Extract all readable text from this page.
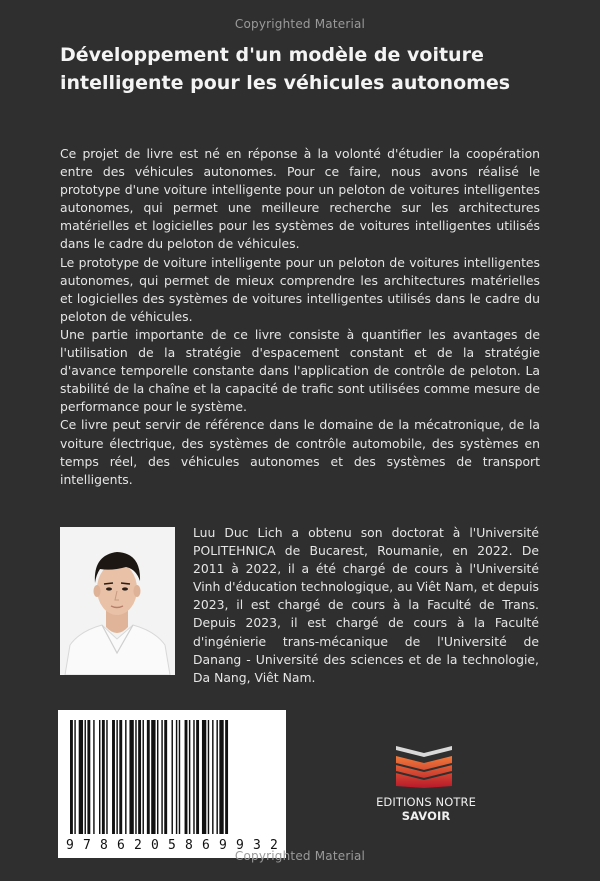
Copyrighted Material
Développement d'un modèle de voiture intelligente pour les véhicules autonomes

Ce projet de livre est né en réponse à la volonté d'étudier la coopération entre des véhicules autonomes. Pour ce faire, nous avons réalisé le prototype d'une voiture intelligente pour un peloton de voitures intelligentes autonomes, qui permet une meilleure recherche sur les architectures matérielles et logicielles pour les systèmes de voitures intelligentes utilisés dans le cadre du peloton de véhicules.

Le prototype de voiture intelligente pour un peloton de voitures intelligentes autonomes, qui permet de mieux comprendre les architectures matérielles et logicielles des systèmes de voitures intelligentes utilisés dans le cadre du peloton de véhicules.

Une partie importante de ce livre consiste à quantifier les avantages de l'utilisation de la stratégie d'espacement constant et de la stratégie d'avance temporelle constante dans l'application de contrôle de peloton. La stabilité de la chaîne et la capacité de trafic sont utilisées comme mesure de performance pour le système.

Ce livre peut servir de référence dans le domaine de la mécatronique, de la voiture électrique, des systèmes de contrôle automobile, des systèmes en temps réel, des véhicules autonomes et des systèmes de transport intelligents.

Luu Duc Lich a obtenu son doctorat à l'Université POLITEHNICA de Bucarest, Roumanie, en 2022. De 2011 à 2022, il a été chargé de cours à l'Université Vinh d'éducation technologique, au Viêt Nam, et depuis 2023, il est chargé de cours à la Faculté de Trans. Depuis 2023, il est chargé de cours à la Faculté d'ingénierie trans-mécanique de l'Université de Danang - Université des sciences et de la technologie, Da Nang, Viêt Nam.

9 7 8 6 2 0 5 8 6 9 9 3 2
EDITIONS NOTRE SAVOIR
Copyrighted Material
